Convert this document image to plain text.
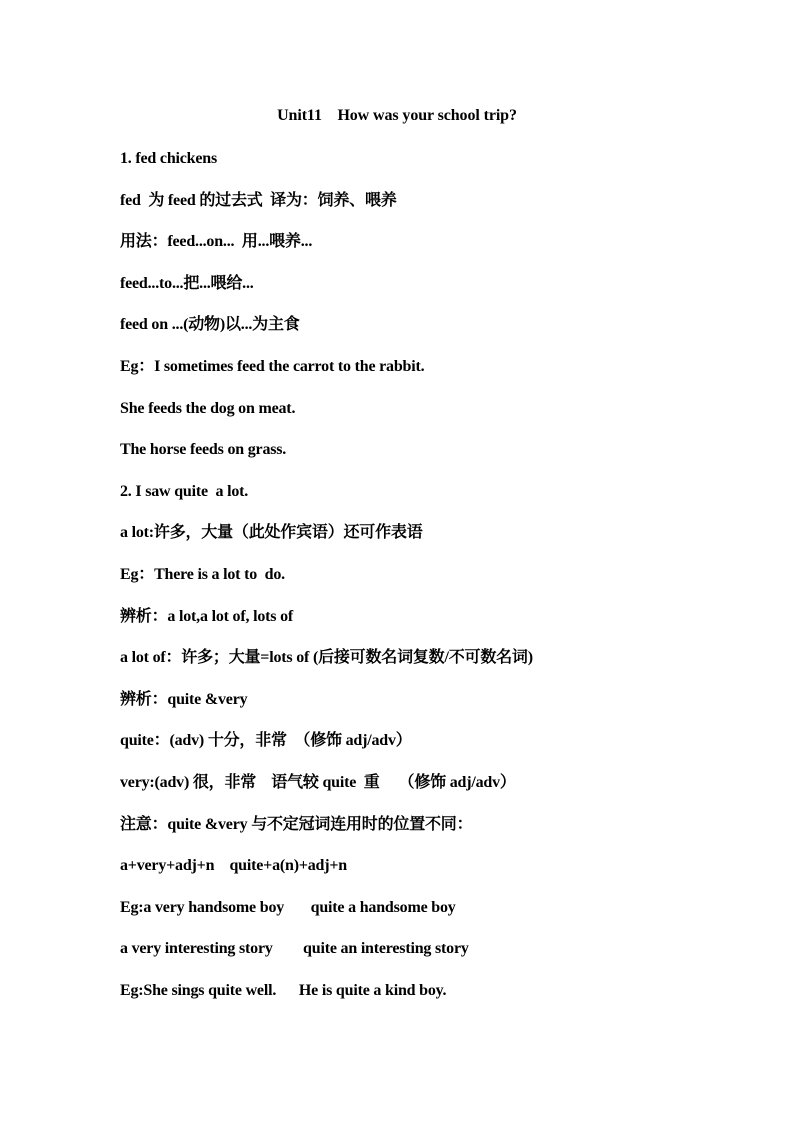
Unit11    How was your school trip?
1. fed chickens
fed  为 feed 的过去式  译为：饲养、喂养
用法：feed...on...  用...喂养...
feed...to...把...喂给...
feed on ...(动物)以...为主食
Eg：I sometimes feed the carrot to the rabbit.
She feeds the dog on meat.
The horse feeds on grass.
2. I saw quite  a lot.
a lot:许多，大量（此处作宾语）还可作表语
Eg：There is a lot to  do.
辨析：a lot,a lot of, lots of
a lot of：许多；大量=lots of (后接可数名词复数/不可数名词)
辨析：quite &very
quite：(adv) 十分，非常  （修饰 adj/adv）
very:(adv) 很，非常    语气较 quite  重     （修饰 adj/adv）
注意：quite &very 与不定冠词连用时的位置不同：
a+very+adj+n    quite+a(n)+adj+n
Eg:a very handsome boy       quite a handsome boy
a very interesting story        quite an interesting story
Eg:She sings quite well.      He is quite a kind boy.
